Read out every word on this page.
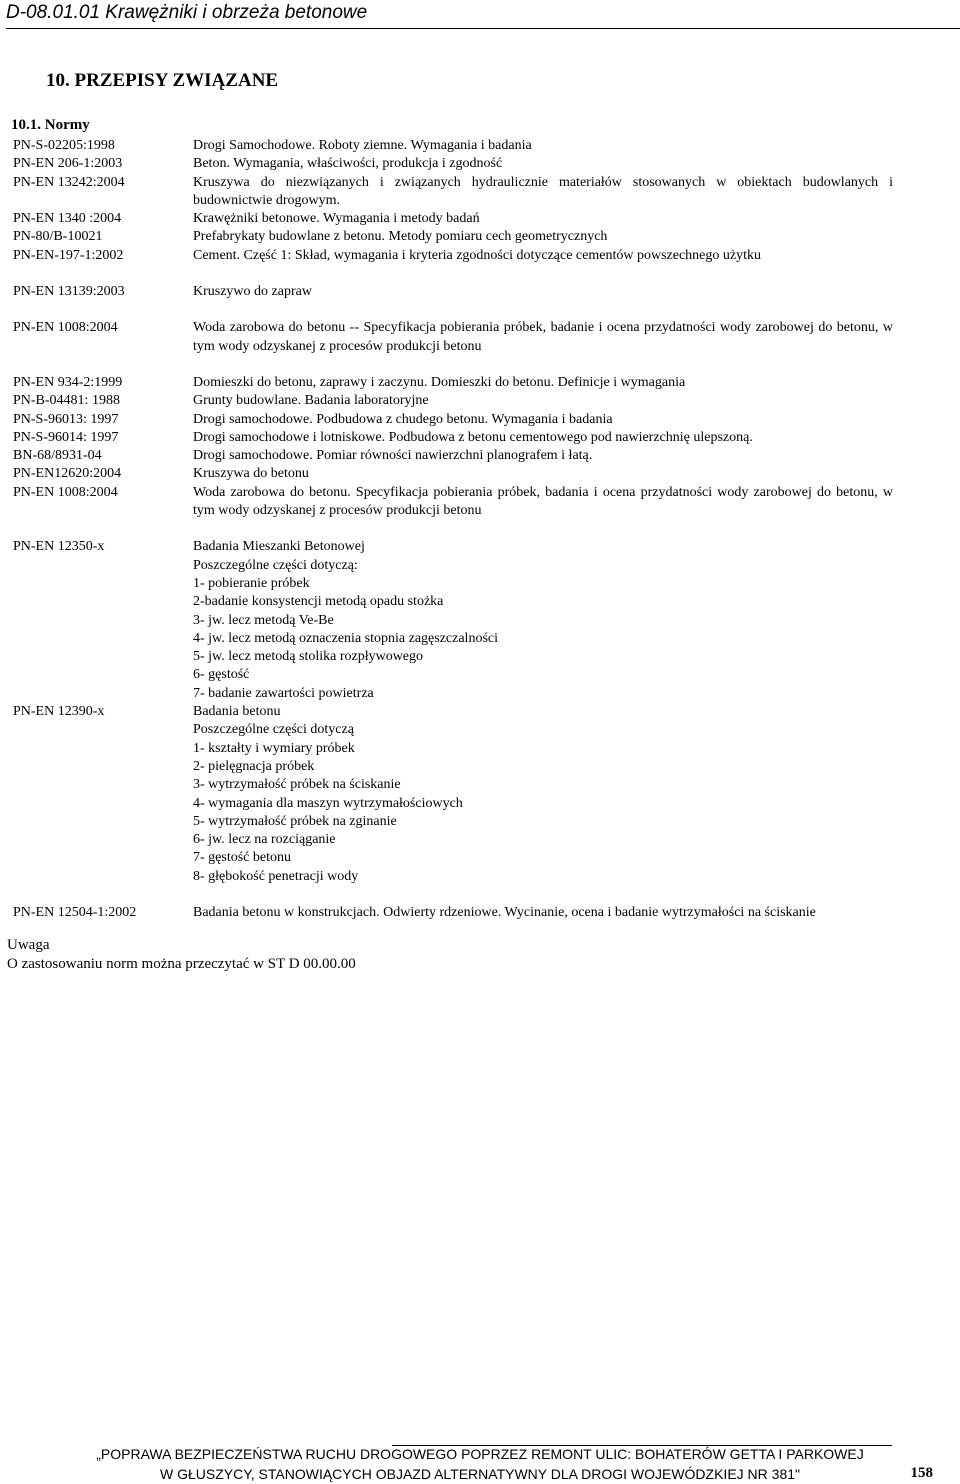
D-08.01.01 Krawężniki i obrzeża betonowe
10. PRZEPISY ZWIĄZANE
10.1. Normy
PN-S-02205:1998	Drogi Samochodowe. Roboty ziemne. Wymagania i badania
PN-EN 206-1:2003	Beton. Wymagania, właściwości, produkcja i zgodność
PN-EN 13242:2004	Kruszywa do niezwiązanych i związanych hydraulicznie materiałów stosowanych w obiektach budowlanych i budownictwie drogowym.
PN-EN 1340 :2004	Krawężniki betonowe. Wymagania i metody badań
PN-80/B-10021	Prefabrykaty budowlane z betonu. Metody pomiaru cech geometrycznych
PN-EN-197-1:2002	Cement. Część 1: Skład, wymagania i kryteria zgodności dotyczące cementów powszechnego użytku
PN-EN 13139:2003	Kruszywo do zapraw
PN-EN 1008:2004	Woda zarobowa do betonu -- Specyfikacja pobierania próbek, badanie i ocena przydatności wody zarobowej do betonu, w tym wody odzyskanej z procesów produkcji betonu
PN-EN 934-2:1999	Domieszki do betonu, zaprawy i zaczynu. Domieszki do betonu. Definicje i wymagania
PN-B-04481: 1988	Grunty budowlane. Badania laboratoryjne
PN-S-96013: 1997	Drogi samochodowe. Podbudowa z chudego betonu. Wymagania i badania
PN-S-96014: 1997	Drogi samochodowe i lotniskowe. Podbudowa z betonu cementowego pod nawierzchnię ulepszoną.
BN-68/8931-04	Drogi samochodowe. Pomiar równości nawierzchni planografem i łatą.
PN-EN12620:2004	Kruszywa do betonu
PN-EN 1008:2004	Woda zarobowa do betonu. Specyfikacja pobierania próbek, badania i ocena przydatności wody zarobowej do betonu, w tym wody odzyskanej z procesów produkcji betonu
PN-EN 12350-x	Badania Mieszanki Betonowej
Poszczególne części dotyczą:
1- pobieranie próbek
2-badanie konsystencji metodą opadu stożka
3- jw. lecz metodą Ve-Be
4- jw. lecz metodą oznaczenia stopnia zagęszczalności
5- jw. lecz metodą stolika rozpływowego
6- gęstość
7- badanie zawartości powietrza
PN-EN 12390-x	Badania betonu
Poszczególne części dotyczą
1- kształty i wymiary próbek
2- pielęgnacja próbek
3- wytrzymałość próbek na ściskanie
4- wymagania dla maszyn wytrzymałościowych
5- wytrzymałość próbek na zginanie
6- jw. lecz na rozciąganie
7- gęstość betonu
8- głębokość penetracji wody
PN-EN 12504-1:2002	Badania betonu w konstrukcjach. Odwierty rdzeniowe. Wycinanie, ocena i badanie wytrzymałości na ściskanie
Uwaga
O zastosowaniu norm można przeczytać w ST D 00.00.00
„POPRAWA BEZPIECZEŃSTWA RUCHU DROGOWEGO POPRZEZ REMONT ULIC: BOHATERÓW GETTA I PARKOWEJ
W GŁUSZYCY, STANOWIĄCYCH OBJAZD ALTERNATYWNY DLA DROGI WOJEWÓDZKIEJ NR 381"	158
